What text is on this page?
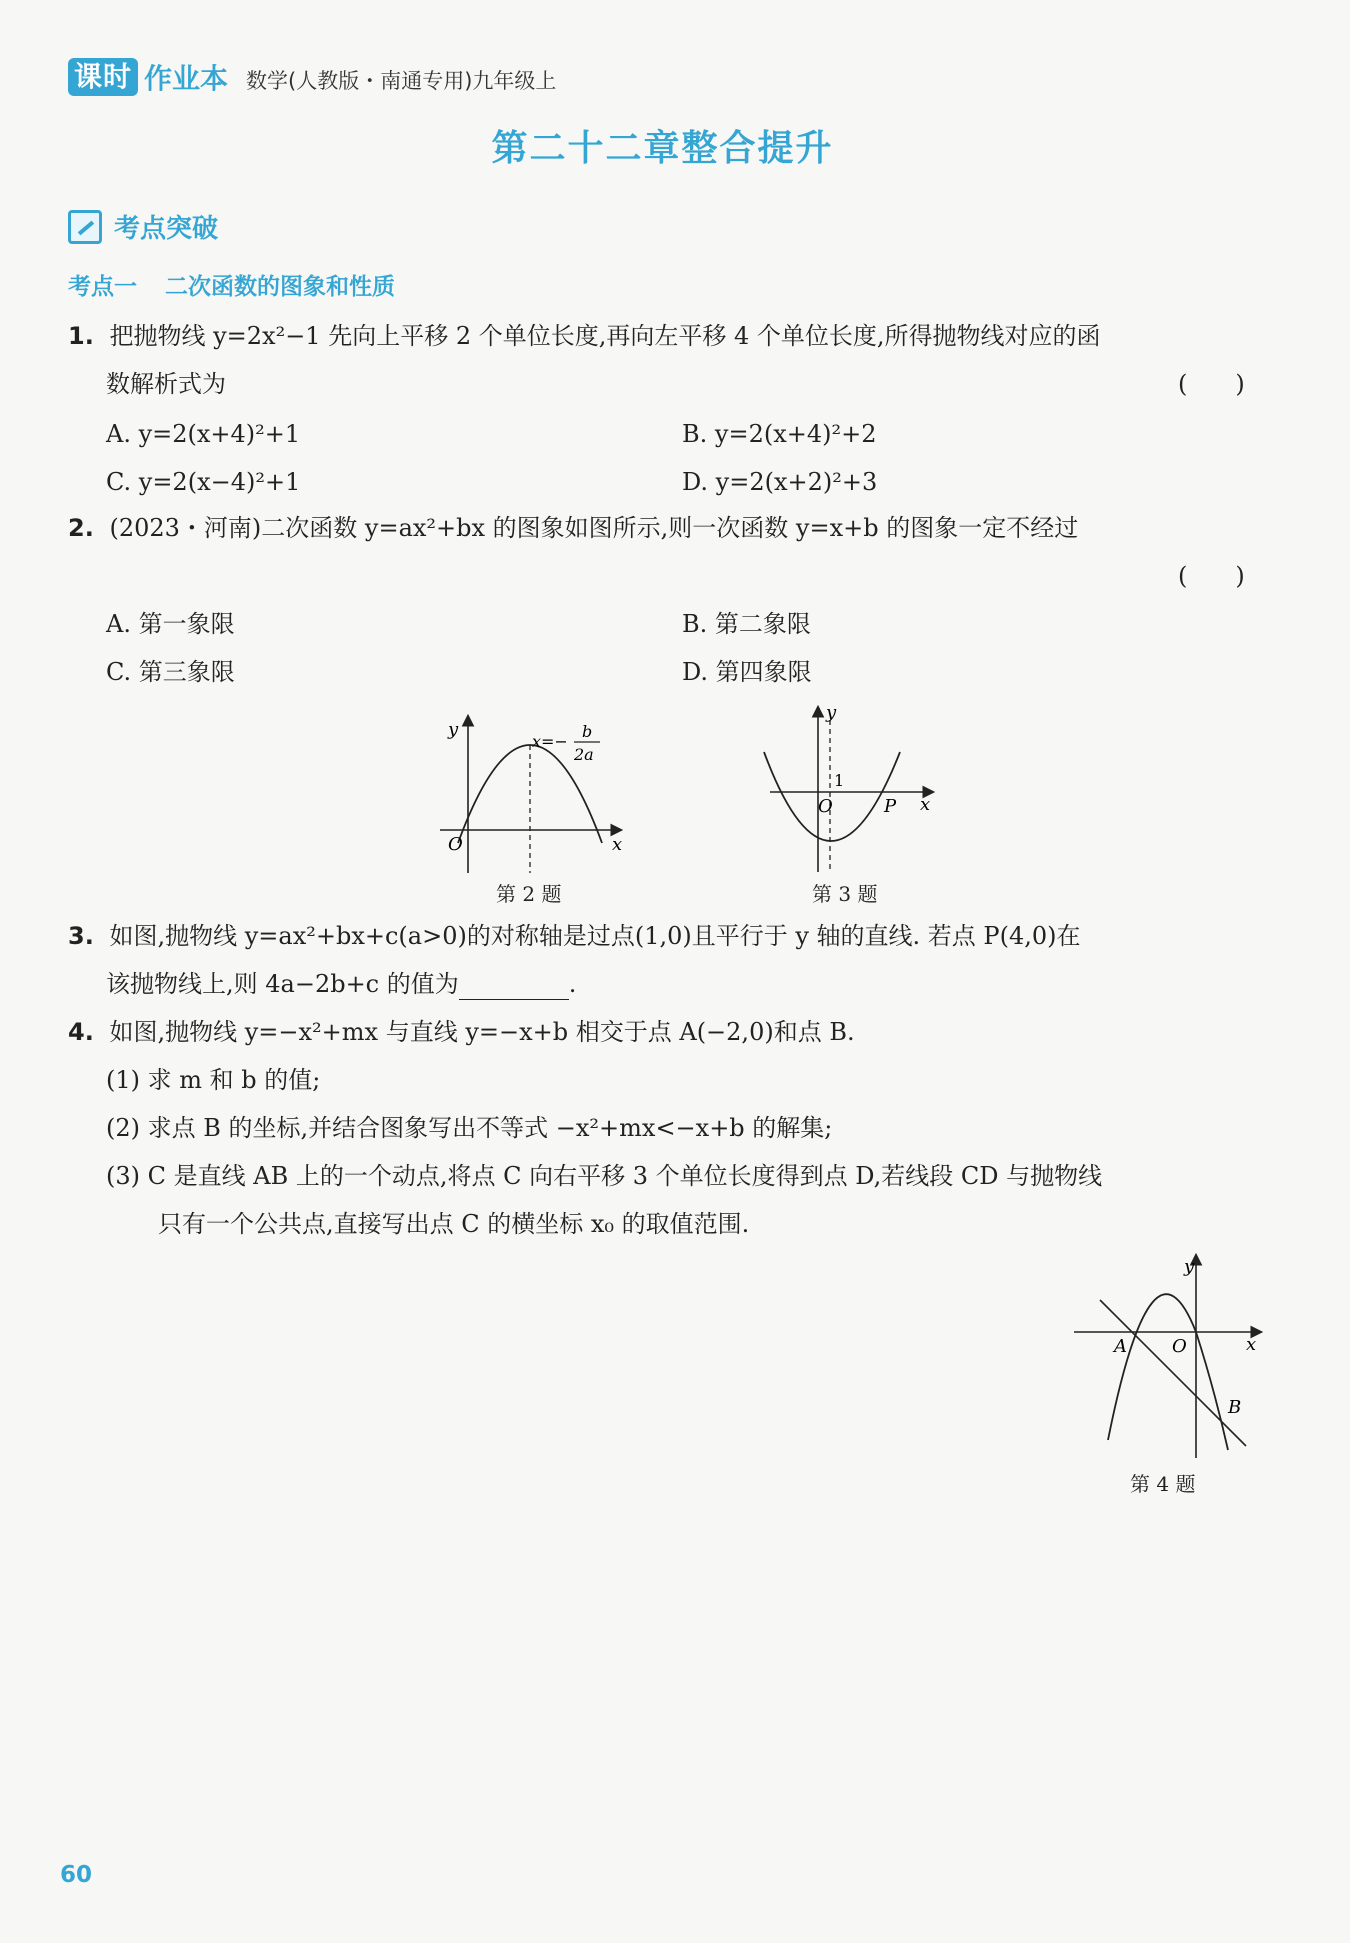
课时 作业本 数学(人教版・南通专用)九年级上
第二十二章整合提升
考点突破
考点一 二次函数的图象和性质
1. 把抛物线 y=2x²−1 先向上平移 2 个单位长度,再向左平移 4 个单位长度,所得抛物线对应的函
数解析式为	(　　)
A. y=2(x+4)²+1	B. y=2(x+4)²+2
C. y=2(x−4)²+1	D. y=2(x+2)²+3
2. (2023・河南)二次函数 y=ax²+bx 的图象如图所示,则一次函数 y=x+b 的图象一定不经过
(　　)
A. 第一象限	B. 第二象限
C. 第三象限	D. 第四象限
y
x
O
x=−
b
2a
第 2 题
y
x
O
1
P
第 3 题
3. 如图,抛物线 y=ax²+bx+c(a>0)的对称轴是过点(1,0)且平行于 y 轴的直线. 若点 P(4,0)在
该抛物线上,则 4a−2b+c 的值为	.
4. 如图,抛物线 y=−x²+mx 与直线 y=−x+b 相交于点 A(−2,0)和点 B.
(1) 求 m 和 b 的值;
(2) 求点 B 的坐标,并结合图象写出不等式 −x²+mx<−x+b 的解集;
(3) C 是直线 AB 上的一个动点,将点 C 向右平移 3 个单位长度得到点 D,若线段 CD 与抛物线
只有一个公共点,直接写出点 C 的横坐标 x₀ 的取值范围.
y
x
O
A
B
第 4 题
60
